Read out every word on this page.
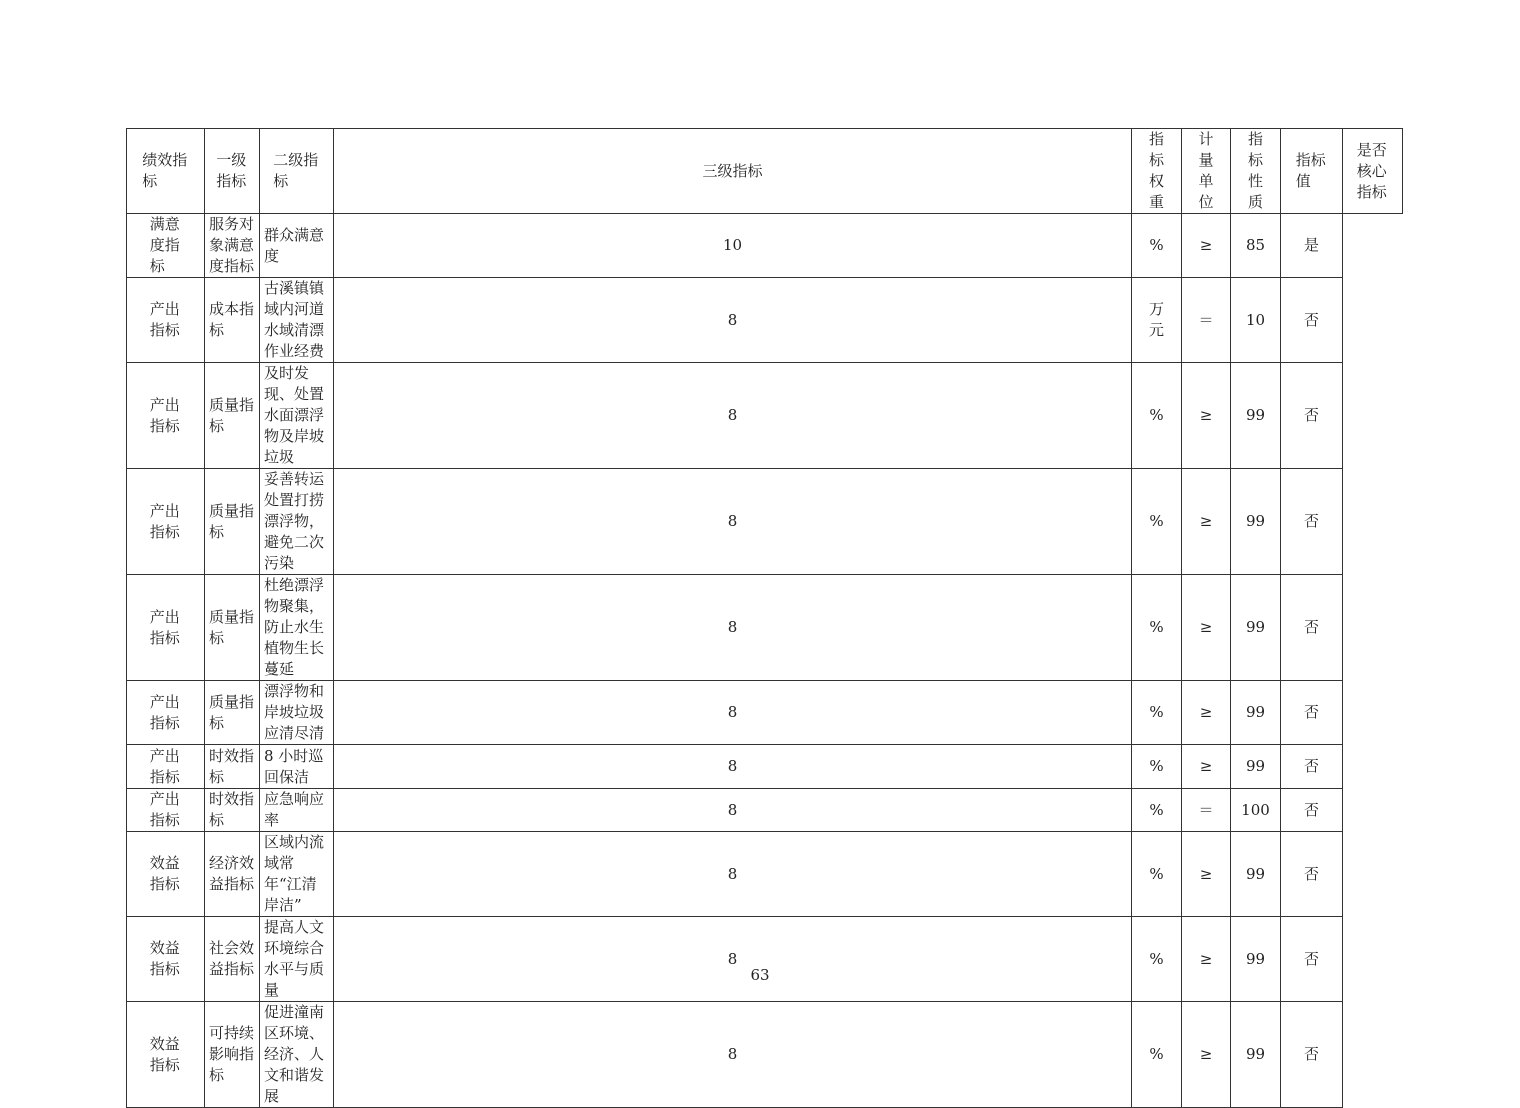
绩效指标	一级指标	二级指标	三级指标	指标权重	计量单位	指标性质	指标值	是否核心指标
满意度指标	服务对象满意度指标	群众满意度	10	%	≥	85	是	
产出指标	成本指标	古溪镇镇域内河道水域清漂作业经费	8	万元	＝	10	否	
产出指标	质量指标	及时发现、处置水面漂浮物及岸坡垃圾	8	%	≥	99	否	
产出指标	质量指标	妥善转运处置打捞漂浮物，避免二次污染	8	%	≥	99	否	
产出指标	质量指标	杜绝漂浮物聚集，防止水生植物生长蔓延	8	%	≥	99	否	
产出指标	质量指标	漂浮物和岸坡垃圾应清尽清	8	%	≥	99	否	
产出指标	时效指标	8 小时巡回保洁	8	%	≥	99	否	
产出指标	时效指标	应急响应率	8	%	＝	100	否	
效益指标	经济效益指标	区域内流域常年“江清岸洁”	8	%	≥	99	否	
效益指标	社会效益指标	提高人文环境综合水平与质量	8	%	≥	99	否	
效益指标	可持续影响指标	促进潼南区环境、经济、人文和谐发展	8	%	≥	99	否	
63
